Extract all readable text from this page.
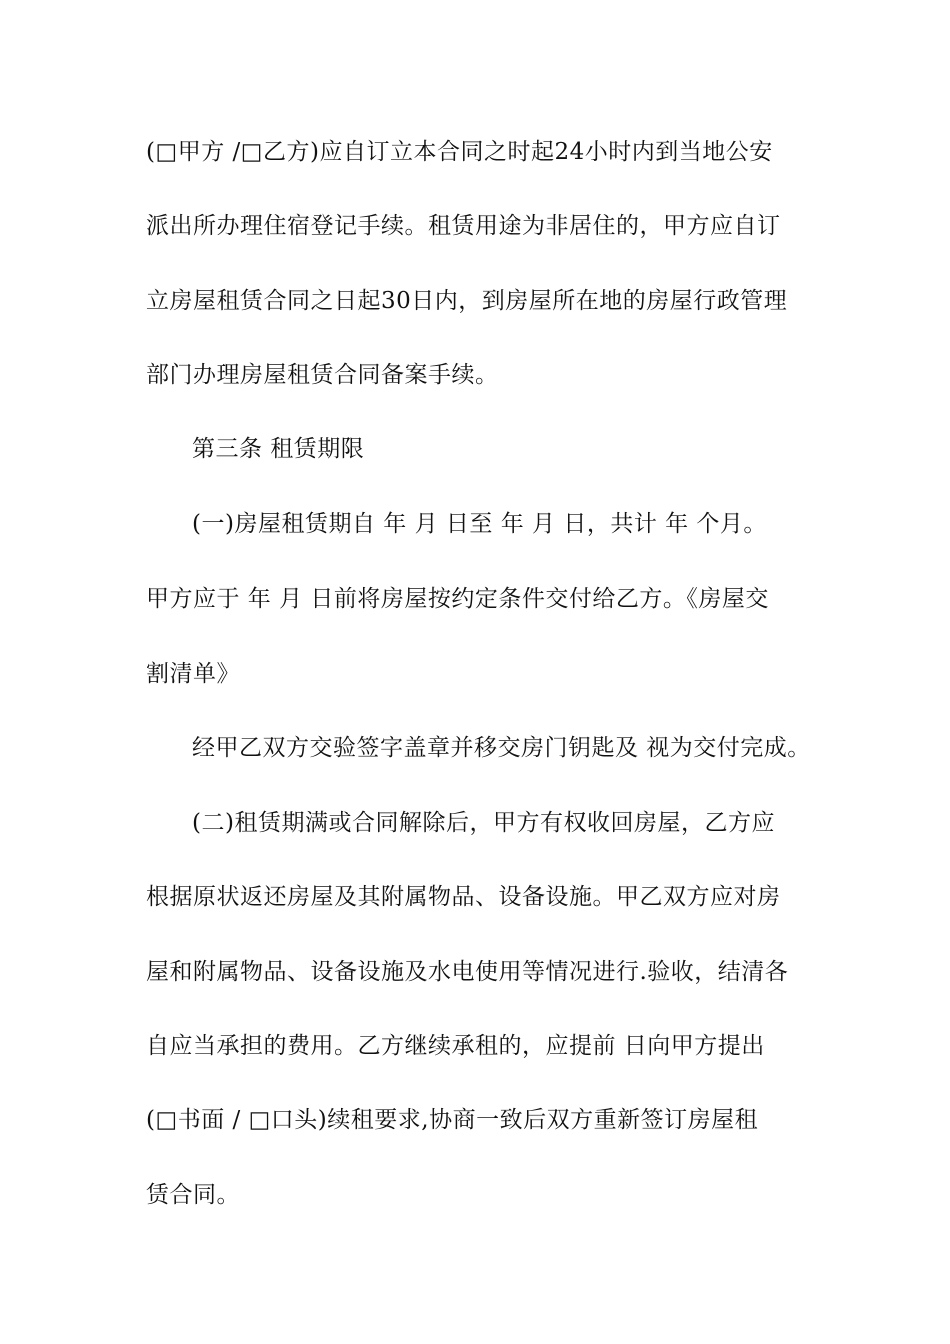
(□甲方 /□乙方)应自订立本合同之时起24小时内到当地公安
派出所办理住宿登记手续。租赁用途为非居住的，甲方应自订
立房屋租赁合同之日起30日内，到房屋所在地的房屋行政管理
部门办理房屋租赁合同备案手续。
第三条 租赁期限
(一)房屋租赁期自 年 月 日至 年 月 日，共计 年 个月。
甲方应于 年 月 日前将房屋按约定条件交付给乙方。《房屋交
割清单》
经甲乙双方交验签字盖章并移交房门钥匙及 视为交付完成。
(二)租赁期满或合同解除后，甲方有权收回房屋，乙方应
根据原状返还房屋及其附属物品、设备设施。甲乙双方应对房
屋和附属物品、设备设施及水电使用等情况进行.验收，结清各
自应当承担的费用。乙方继续承租的，应提前 日向甲方提出
(□书面 / □口头)续租要求,协商一致后双方重新签订房屋租
赁合同。
